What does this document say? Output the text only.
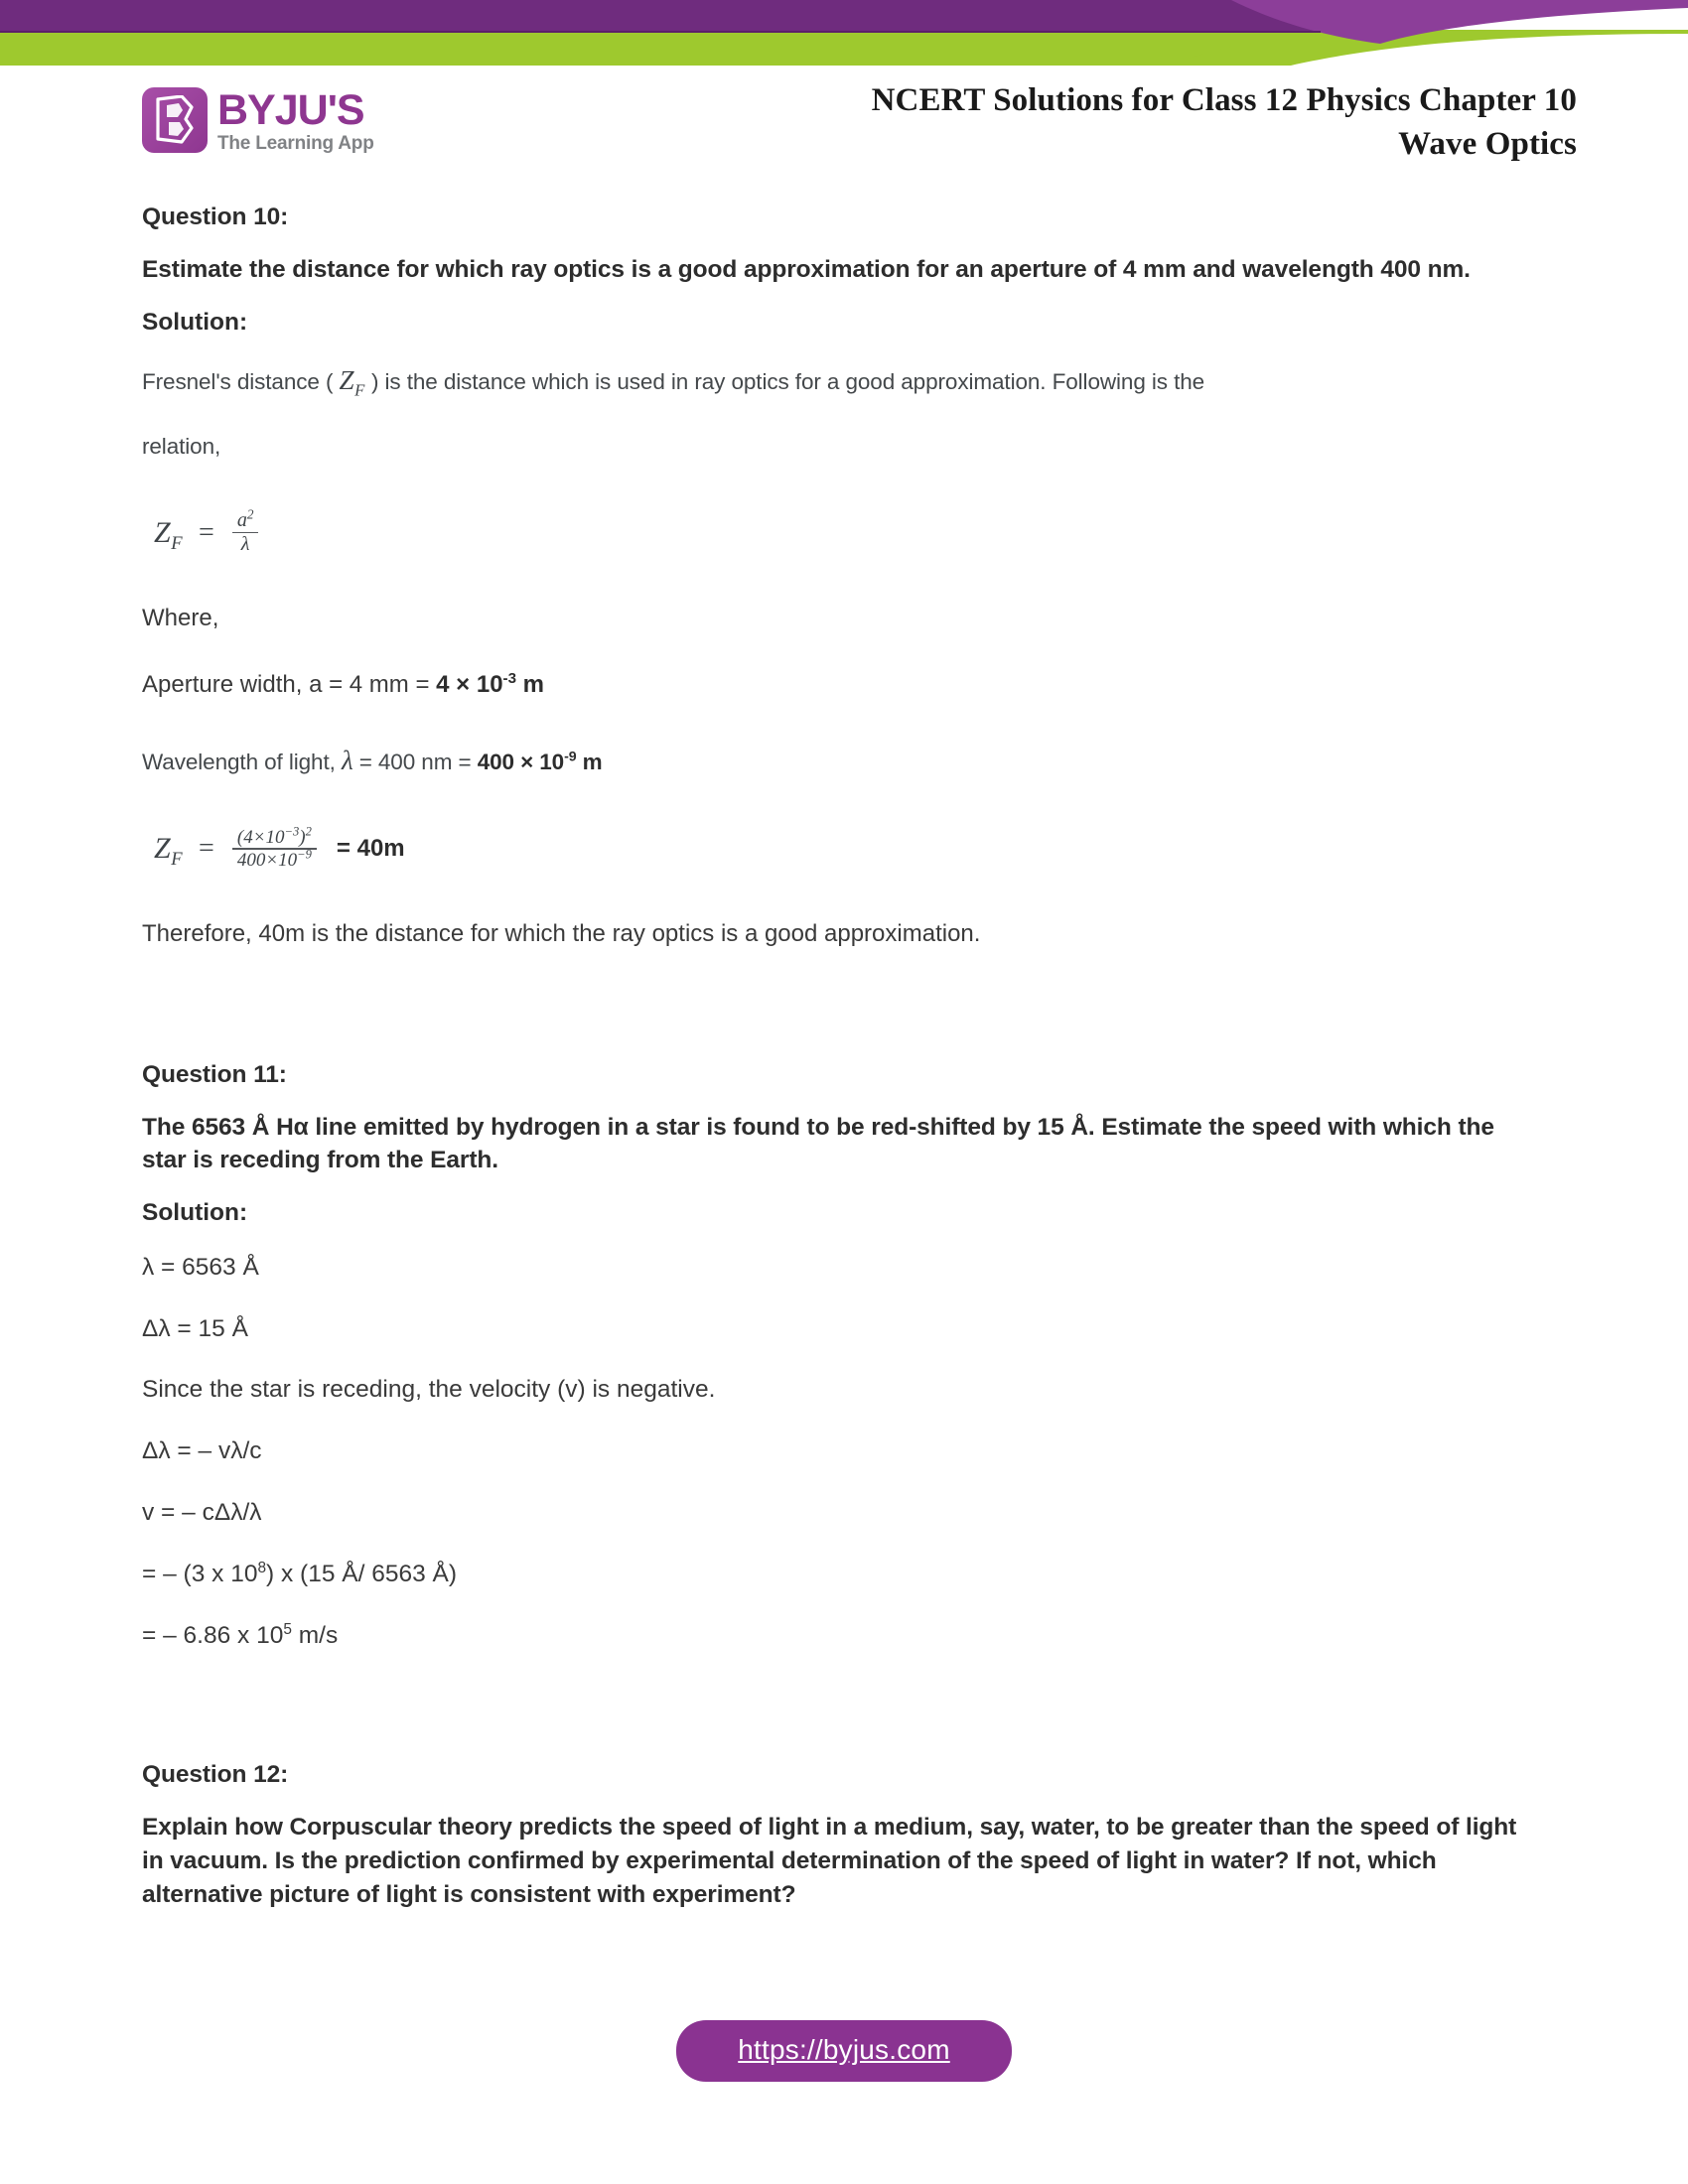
BYJU'S
The Learning App
NCERT Solutions for Class 12 Physics Chapter 10
Wave Optics
Question 10:
Estimate the distance for which ray optics is a good approximation for an aperture of 4 mm and wavelength 400 nm.
Solution:
Fresnel's distance ( $Z_F$ ) is the distance which is used in ray optics for a good approximation. Following is the
relation,
$Z_F = \frac{a^2}{\lambda}$
Where,
Aperture width, a = 4 mm = $4 \times 10^{-3}$ m
Wavelength of light, λ = 400 nm = $400 \times 10^{-9}$ m
$Z_F = \frac{(4\times 10^{-3})^2}{400\times 10^{-9}} = 40m$
Therefore, 40m is the distance for which the ray optics is a good approximation.
Question 11:
The 6563 Å Hα line emitted by hydrogen in a star is found to be red-shifted by 15 Å. Estimate the speed with which the star is receding from the Earth.
Solution:
λ = 6563 Å
Δλ = 15 Å
Since the star is receding, the velocity (v) is negative.
Δλ = – vλ/c
v = – cΔλ/λ
= – (3 x $10^8$) x (15 Å/ 6563 Å)
= – 6.86 x $10^5$ m/s
Question 12:
Explain how Corpuscular theory predicts the speed of light in a medium, say, water, to be greater than the speed of light in vacuum. Is the prediction confirmed by experimental determination of the speed of light in water? If not, which alternative picture of light is consistent with experiment?
https://byjus.com
